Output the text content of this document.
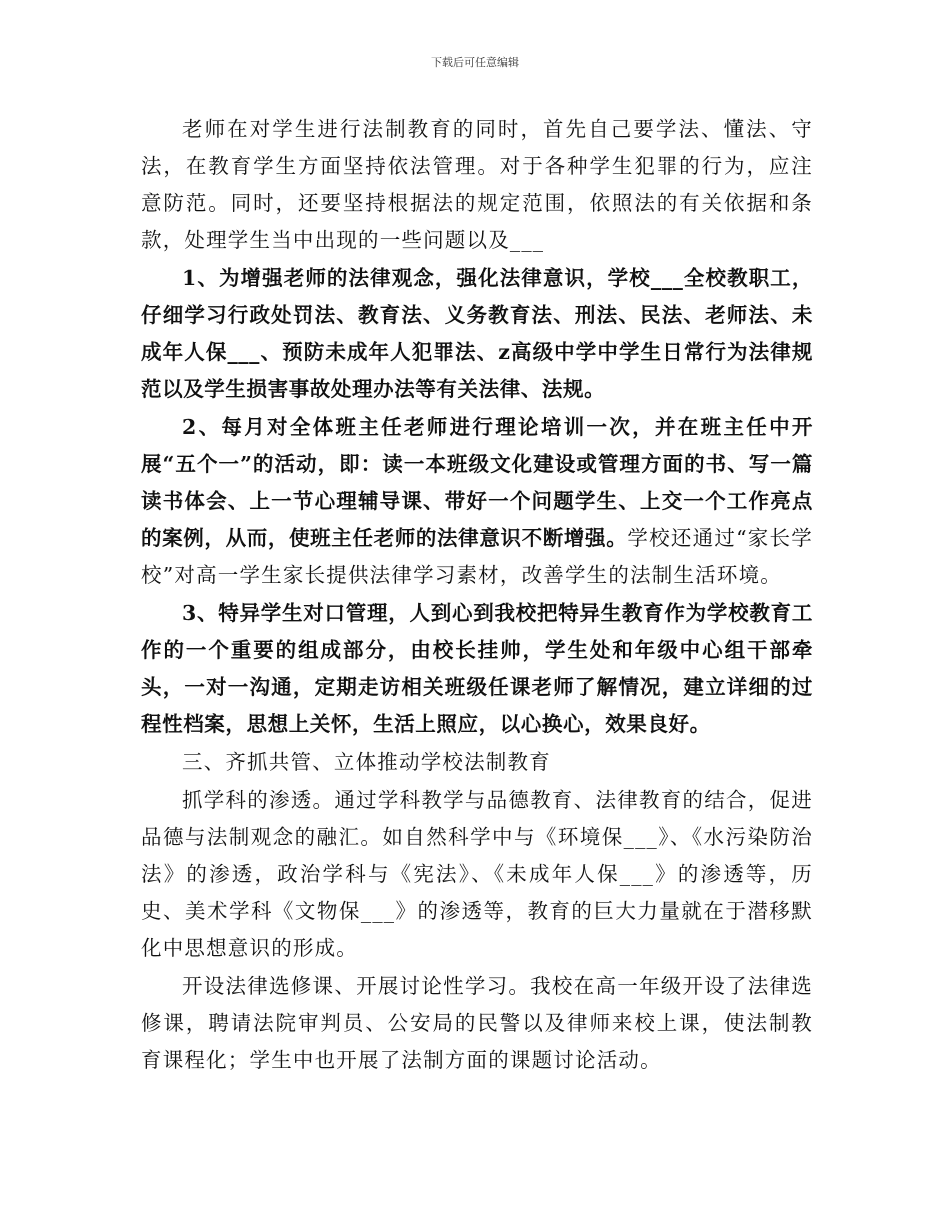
下载后可任意编辑

老师在对学生进行法制教育的同时，首先自己要学法、懂法、守法，在教育学生方面坚持依法管理。对于各种学生犯罪的行为，应注意防范。同时，还要坚持根据法的规定范围，依照法的有关依据和条款，处理学生当中出现的一些问题以及___

1、为增强老师的法律观念，强化法律意识，学校___全校教职工，仔细学习行政处罚法、教育法、义务教育法、刑法、民法、老师法、未成年人保___、预防未成年人犯罪法、z高级中学中学生日常行为法律规范以及学生损害事故处理办法等有关法律、法规。

2、每月对全体班主任老师进行理论培训一次，并在班主任中开展“五个一”的活动，即：读一本班级文化建设或管理方面的书、写一篇读书体会、上一节心理辅导课、带好一个问题学生、上交一个工作亮点的案例，从而，使班主任老师的法律意识不断增强。学校还通过“家长学校”对高一学生家长提供法律学习素材，改善学生的法制生活环境。

3、特异学生对口管理，人到心到我校把特异生教育作为学校教育工作的一个重要的组成部分，由校长挂帅，学生处和年级中心组干部牵头，一对一沟通，定期走访相关班级任课老师了解情况，建立详细的过程性档案，思想上关怀，生活上照应，以心换心，效果良好。

三、齐抓共管、立体推动学校法制教育

抓学科的渗透。通过学科教学与品德教育、法律教育的结合，促进品德与法制观念的融汇。如自然科学中与《环境保___》、《水污染防治法》的渗透，政治学科与《宪法》、《未成年人保___》的渗透等，历史、美术学科《文物保___》的渗透等，教育的巨大力量就在于潜移默化中思想意识的形成。

开设法律选修课、开展讨论性学习。我校在高一年级开设了法律选修课，聘请法院审判员、公安局的民警以及律师来校上课，使法制教育课程化；学生中也开展了法制方面的课题讨论活动。
